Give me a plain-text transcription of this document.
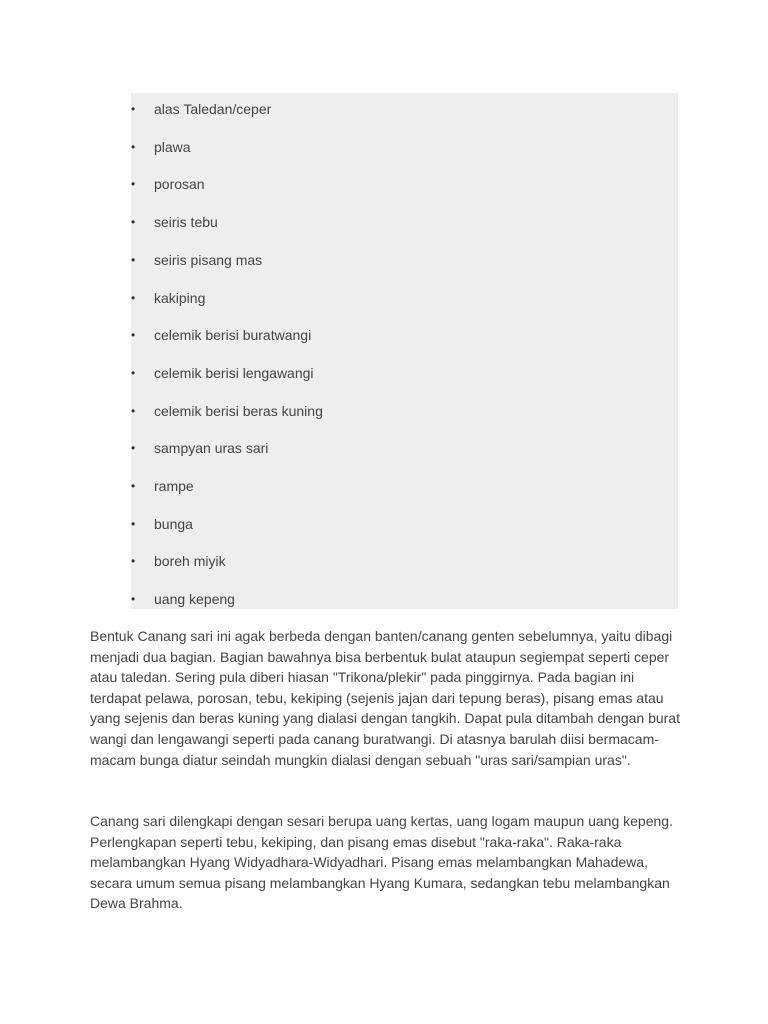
•	alas Taledan/ceper
•	plawa
•	porosan
•	seiris tebu
•	seiris pisang mas
•	kakiping
•	celemik berisi buratwangi
•	celemik berisi lengawangi
•	celemik berisi beras kuning
•	sampyan uras sari
•	rampe
•	bunga
•	boreh miyik
•	uang kepeng

Bentuk Canang sari ini agak berbeda dengan banten/canang genten sebelumnya, yaitu dibagi menjadi dua bagian. Bagian bawahnya bisa berbentuk bulat ataupun segiempat seperti ceper atau taledan. Sering pula diberi hiasan "Trikona/plekir" pada pinggirnya. Pada bagian ini terdapat pelawa, porosan, tebu, kekiping (sejenis jajan dari tepung beras), pisang emas atau yang sejenis dan beras kuning yang dialasi dengan tangkih. Dapat pula ditambah dengan burat wangi dan lengawangi seperti pada canang buratwangi. Di atasnya barulah diisi bermacam-macam bunga diatur seindah mungkin dialasi dengan sebuah "uras sari/sampian uras".

Canang sari dilengkapi dengan sesari berupa uang kertas, uang logam maupun uang kepeng. Perlengkapan seperti tebu, kekiping, dan pisang emas disebut "raka-raka". Raka-raka melambangkan Hyang Widyadhara-Widyadhari. Pisang emas melambangkan Mahadewa, secara umum semua pisang melambangkan Hyang Kumara, sedangkan tebu melambangkan Dewa Brahma.
